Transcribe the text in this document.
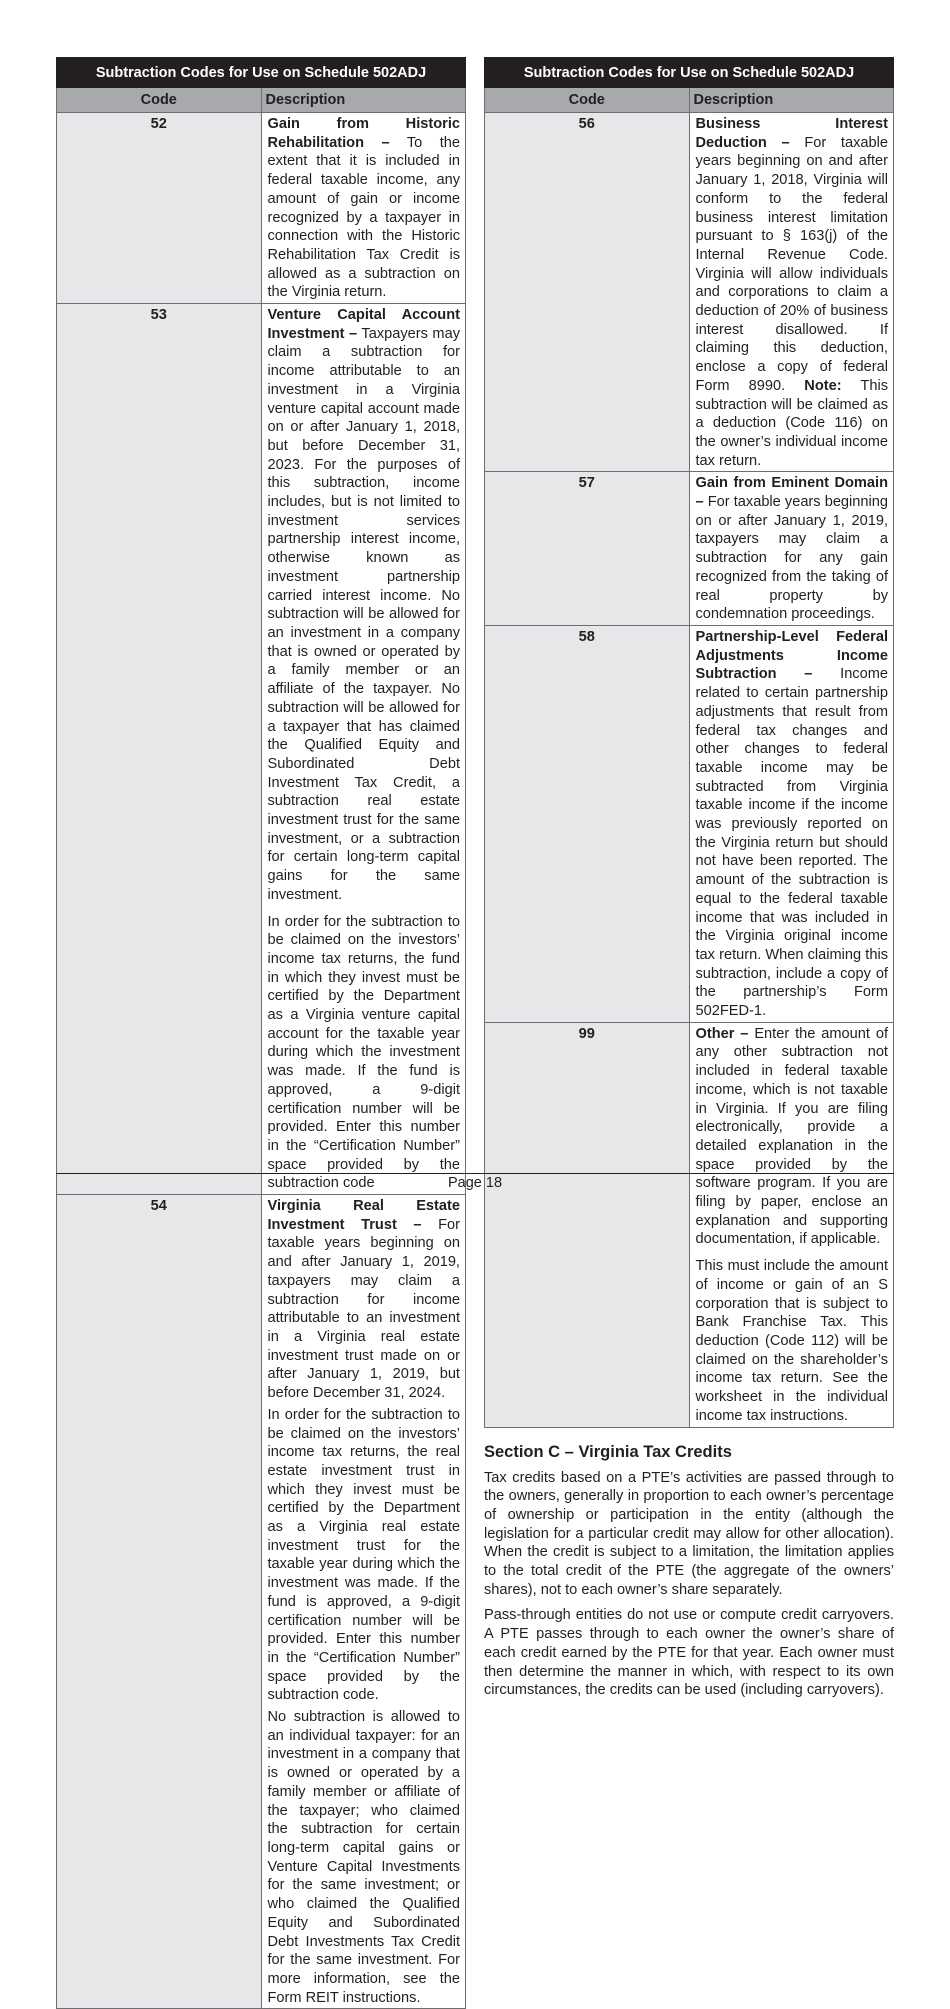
Subtraction Codes for Use on Schedule 502ADJ	
Code	Description
52	Gain from Historic Rehabilitation – To the extent that it is included in federal taxable income, any amount of gain or income recognized by a taxpayer in connection with the Historic Rehabilitation Tax Credit is allowed as a subtraction on the Virginia return.

53	Venture Capital Account Investment – Taxpayers may claim a subtraction for income attributable to an investment in a Virginia venture capital account made on or after January 1, 2018, but before December 31, 2023. For the purposes of this subtraction, income includes, but is not limited to investment services partnership interest income, otherwise known as investment partnership carried interest income. No subtraction will be allowed for an investment in a company that is owned or operated by a family member or an affiliate of the taxpayer. No subtraction will be allowed for a taxpayer that has claimed the Qualified Equity and Subordinated Debt Investment Tax Credit, a subtraction real estate investment trust for the same investment, or a subtraction for certain long-term capital gains for the same investment.

In order for the subtraction to be claimed on the investors’ income tax returns, the fund in which they invest must be certified by the Department as a Virginia venture capital account for the taxable year during which the investment was made. If the fund is approved, a 9-digit certification number will be provided. Enter this number in the “Certification Number” space provided by the subtraction code

54	Virginia Real Estate Investment Trust – For taxable years beginning on and after January 1, 2019, taxpayers may claim a subtraction for income attributable to an investment in a Virginia real estate investment trust made on or after January 1, 2019, but before December 31, 2024.

In order for the subtraction to be claimed on the investors’ income tax returns, the real estate investment trust in which they invest must be certified by the Department as a Virginia real estate investment trust for the taxable year during which the investment was made. If the fund is approved, a 9-digit certification number will be provided. Enter this number in the “Certification Number” space provided by the subtraction code.

No subtraction is allowed to an individual taxpayer: for an investment in a company that is owned or operated by a family member or affiliate of the taxpayer; who claimed the subtraction for certain long-term capital gains or Venture Capital Investments for the same investment; or who claimed the Qualified Equity and Subordinated Debt Investments Tax Credit for the same investment. For more information, see the Form REIT instructions.

Subtraction Codes for Use on Schedule 502ADJ	
Code	Description
56	Business Interest Deduction – For taxable years beginning on and after January 1, 2018, Virginia will conform to the federal business interest limitation pursuant to § 163(j) of the Internal Revenue Code. Virginia will allow individuals and corporations to claim a deduction of 20% of business interest disallowed. If claiming this deduction, enclose a copy of federal Form 8990. Note: This subtraction will be claimed as a deduction (Code 116) on the owner’s individual income tax return.

57	Gain from Eminent Domain – For taxable years beginning on or after January 1, 2019, taxpayers may claim a subtraction for any gain recognized from the taking of real property by condemnation proceedings.

58	Partnership-Level Federal Adjustments Income Subtraction – Income related to certain partnership adjustments that result from federal tax changes and other changes to federal taxable income may be subtracted from Virginia taxable income if the income was previously reported on the Virginia return but should not have been reported. The amount of the subtraction is equal to the federal taxable income that was included in the Virginia original income tax return. When claiming this subtraction, include a copy of the partnership’s Form 502FED-1.

99	Other – Enter the amount of any other subtraction not included in federal taxable income, which is not taxable in Virginia. If you are filing electronically, provide a detailed explanation in the space provided by the software program. If you are filing by paper, enclose an explanation and supporting documentation, if applicable.

This must include the amount of income or gain of an S corporation that is subject to Bank Franchise Tax. This deduction (Code 112) will be claimed on the shareholder’s income tax return. See the worksheet in the individual income tax instructions.

Section C – Virginia Tax Credits

Tax credits based on a PTE’s activities are passed through to the owners, generally in proportion to each owner’s percentage of ownership or participation in the entity (although the legislation for a particular credit may allow for other allocation). When the credit is subject to a limitation, the limitation applies to the total credit of the PTE (the aggregate of the owners’ shares), not to each owner’s share separately.

Pass-through entities do not use or compute credit carryovers. A PTE passes through to each owner the owner’s share of each credit earned by the PTE for that year. Each owner must then determine the manner in which, with respect to its own circumstances, the credits can be used (including carryovers).

Page 18
